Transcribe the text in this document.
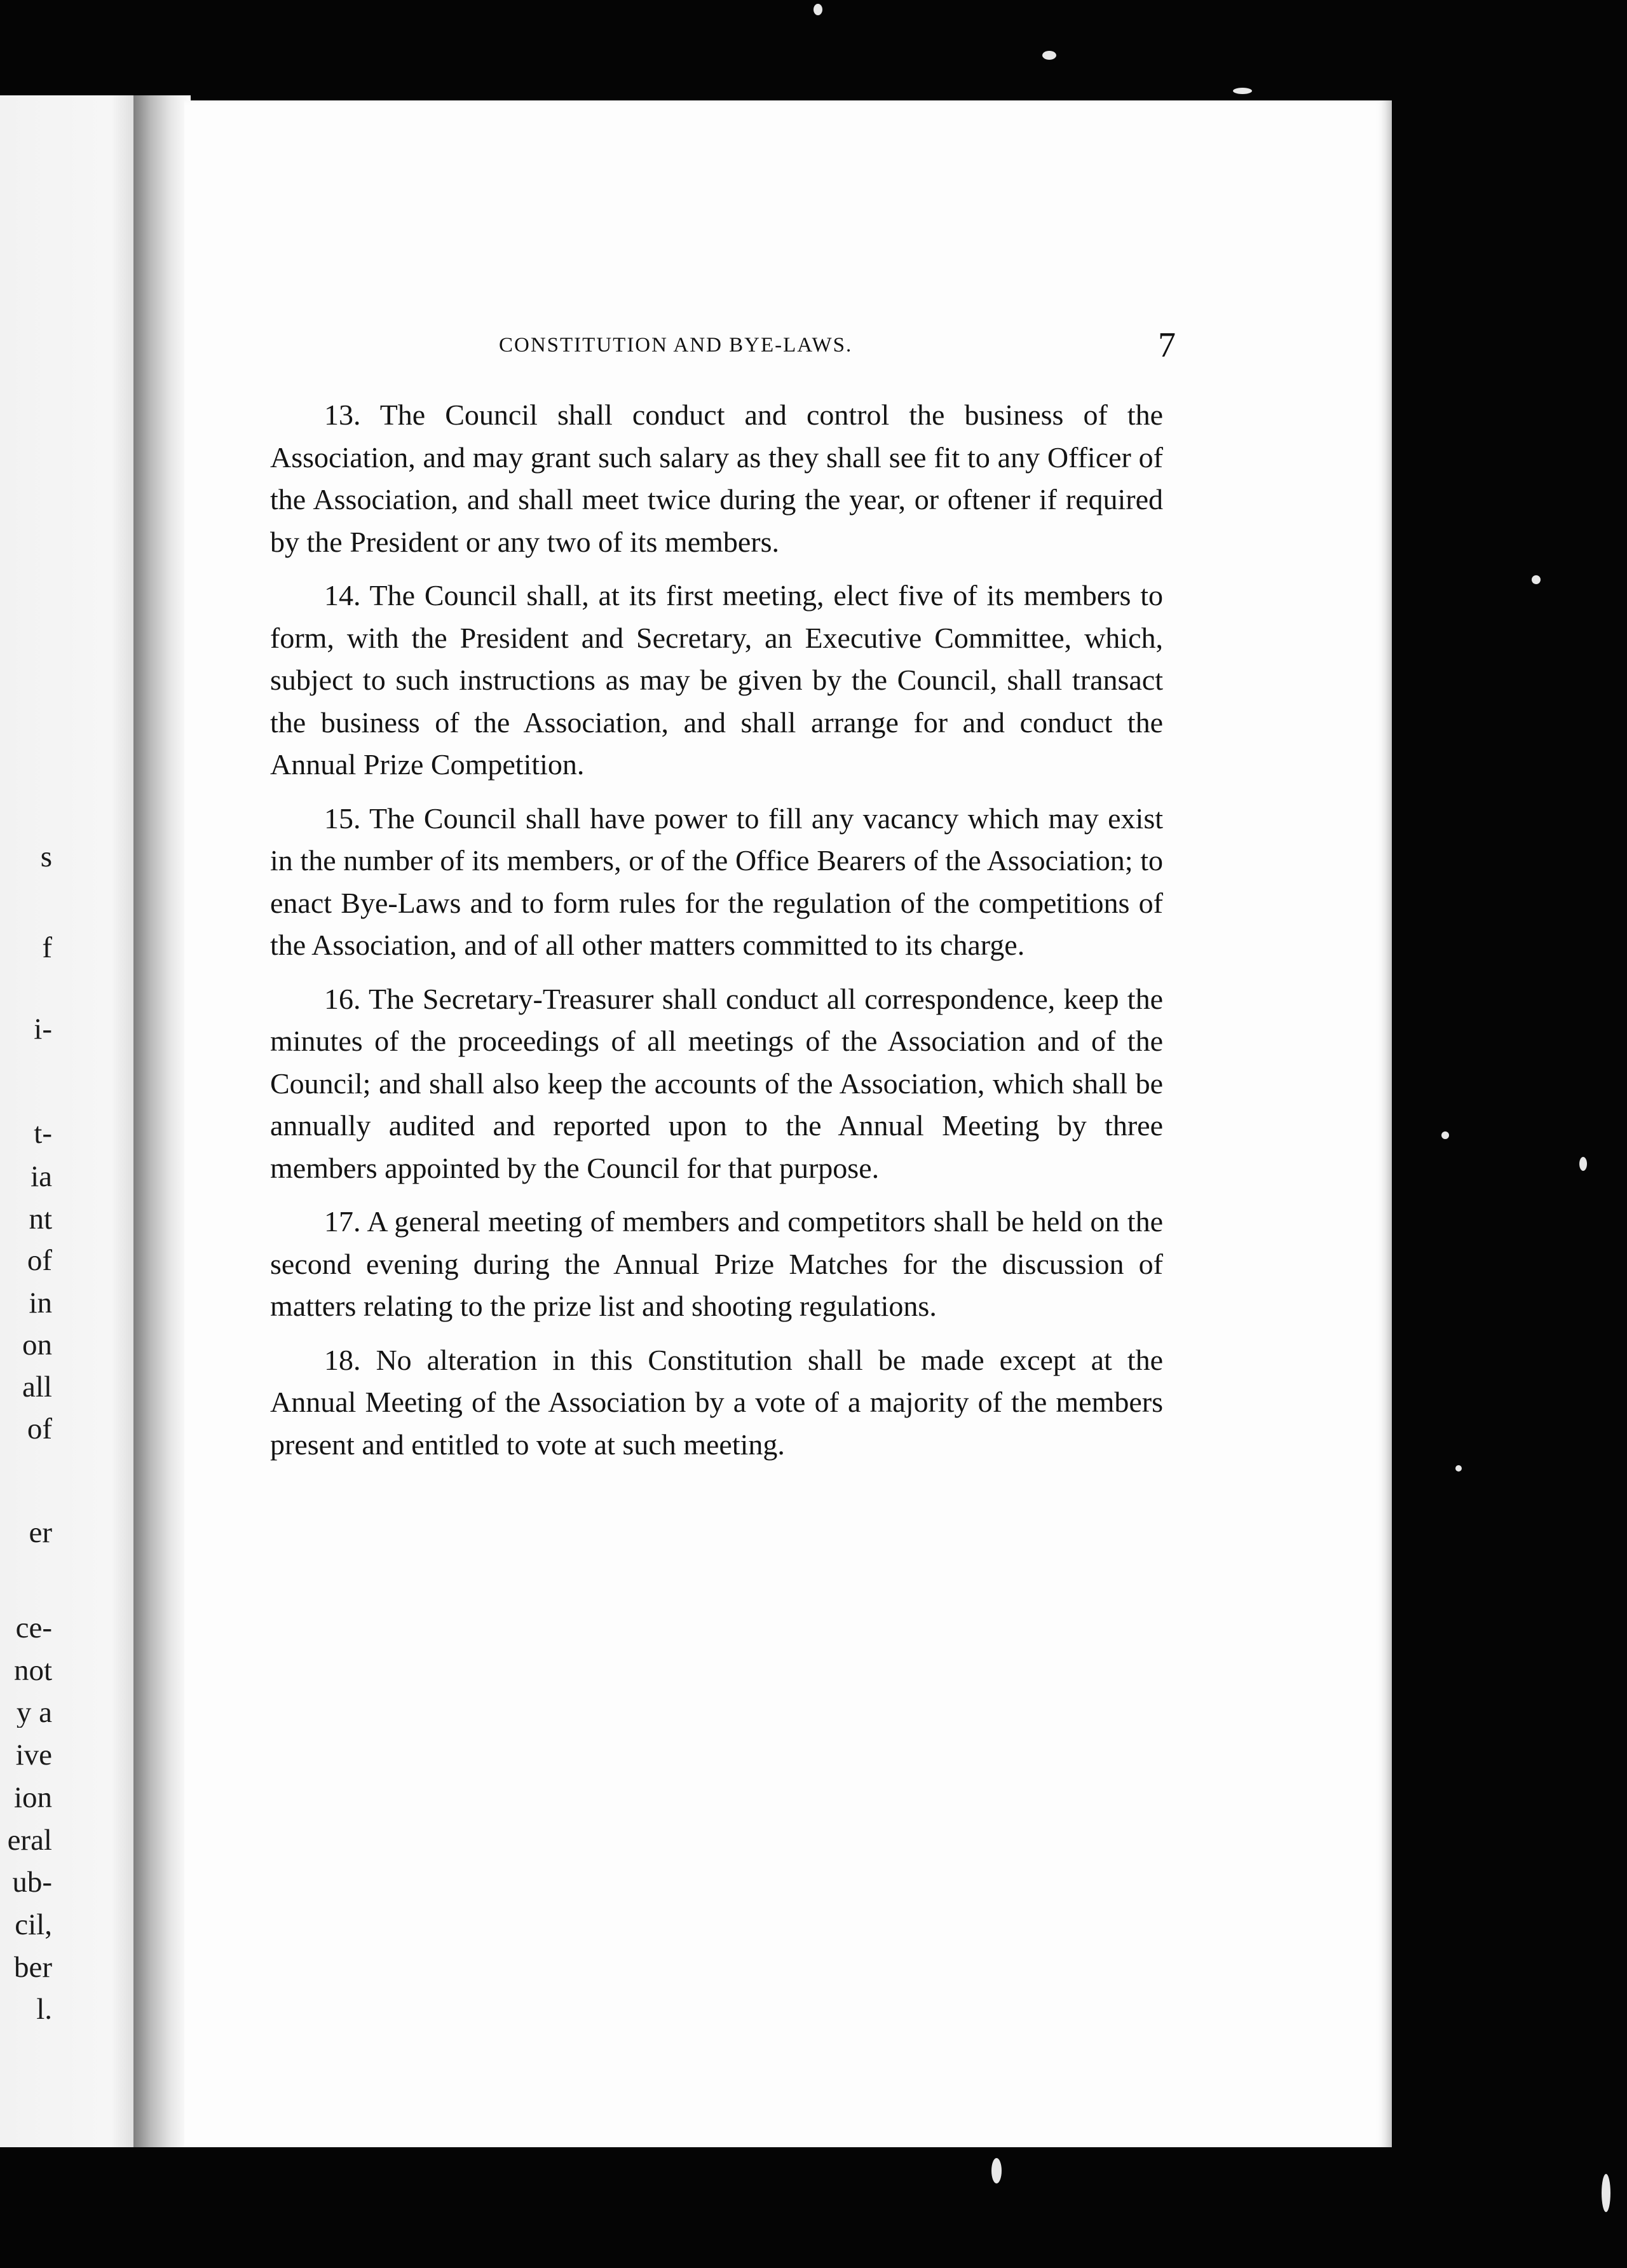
s
f
i-
t-
ia
nt
of
in
on
all
of
er
ce-
not
y a
ive
ion
eral
ub-
cil,
ber
l.
CONSTITUTION AND BYE-LAWS.	7

13. The Council shall conduct and control the business of the Association, and may grant such salary as they shall see fit to any Officer of the Association, and shall meet twice during the year, or oftener if required by the President or any two of its members.

14. The Council shall, at its first meeting, elect five of its members to form, with the President and Secretary, an Executive Committee, which, subject to such instructions as may be given by the Council, shall transact the business of the Association, and shall arrange for and conduct the Annual Prize Competition.

15. The Council shall have power to fill any vacancy which may exist in the number of its members, or of the Office Bearers of the Association; to enact Bye-Laws and to form rules for the regulation of the competitions of the Association, and of all other matters committed to its charge.

16. The Secretary-Treasurer shall conduct all correspondence, keep the minutes of the proceedings of all meetings of the Association and of the Council; and shall also keep the accounts of the Association, which shall be annually audited and reported upon to the Annual Meeting by three members appointed by the Council for that purpose.

17. A general meeting of members and competitors shall be held on the second evening during the Annual Prize Matches for the discussion of matters relating to the prize list and shooting regulations.

18. No alteration in this Constitution shall be made except at the Annual Meeting of the Association by a vote of a majority of the members present and entitled to vote at such meeting.
